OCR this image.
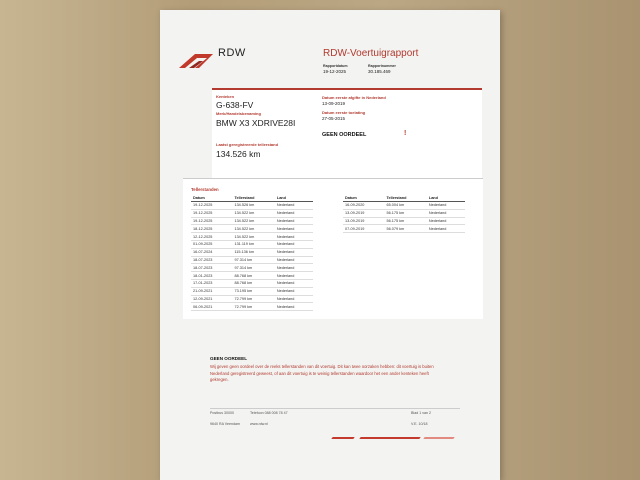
RDW	RDW-Voertuigrapport
Rapportdatum
19-12-2025
Rapportnummer
30.185.469
Kenteken
G-638-FV
Merk/Handelsbenaming
BMW X3 XDRIVE28I
Laatst geregistreerde tellerstand
134.526 km
Datum eerste afgifte in Nederland
13-09-2019
Datum eerste toelating
27-05-2015
GEEN OORDEEL	!
Tellerstanden
Datum	Tellerstand	Land
19-12-2025	134.526 km	Nederland
19-12-2025	134.522 km	Nederland
19-12-2025	134.522 km	Nederland
18-12-2025	134.522 km	Nederland
12-12-2025	134.522 km	Nederland
01-09-2025	131.119 km	Nederland
16-07-2024	115.136 km	Nederland
18-07-2023	97.314 km	Nederland
18-07-2023	97.314 km	Nederland
18-01-2023	88.768 km	Nederland
17-01-2023	88.768 km	Nederland
21-09-2021	73.195 km	Nederland
12-09-2021	72.799 km	Nederland
06-09-2021	72.799 km	Nederland
Datum	Tellerstand	Land
16-09-2020	65.004 km	Nederland
13-09-2019	56.175 km	Nederland
13-09-2019	56.175 km	Nederland
07-09-2019	56.079 km	Nederland
GEEN OORDEEL
Wij geven geen oordeel over de reeks tellerstanden van dit voertuig. Dit kan twee oorzaken hebben: dit voertuig is buiten Nederland geregistreerd geweest, of aan dit voertuig is te weinig tellerstanden waardoor het een ander kenteken heeft gekregen.
Postbus 30000
9640 RA Veendam
Telefoon 088 008 78 47
www.rdw.nl
Blad 1 van 2
V.E. 10/18
